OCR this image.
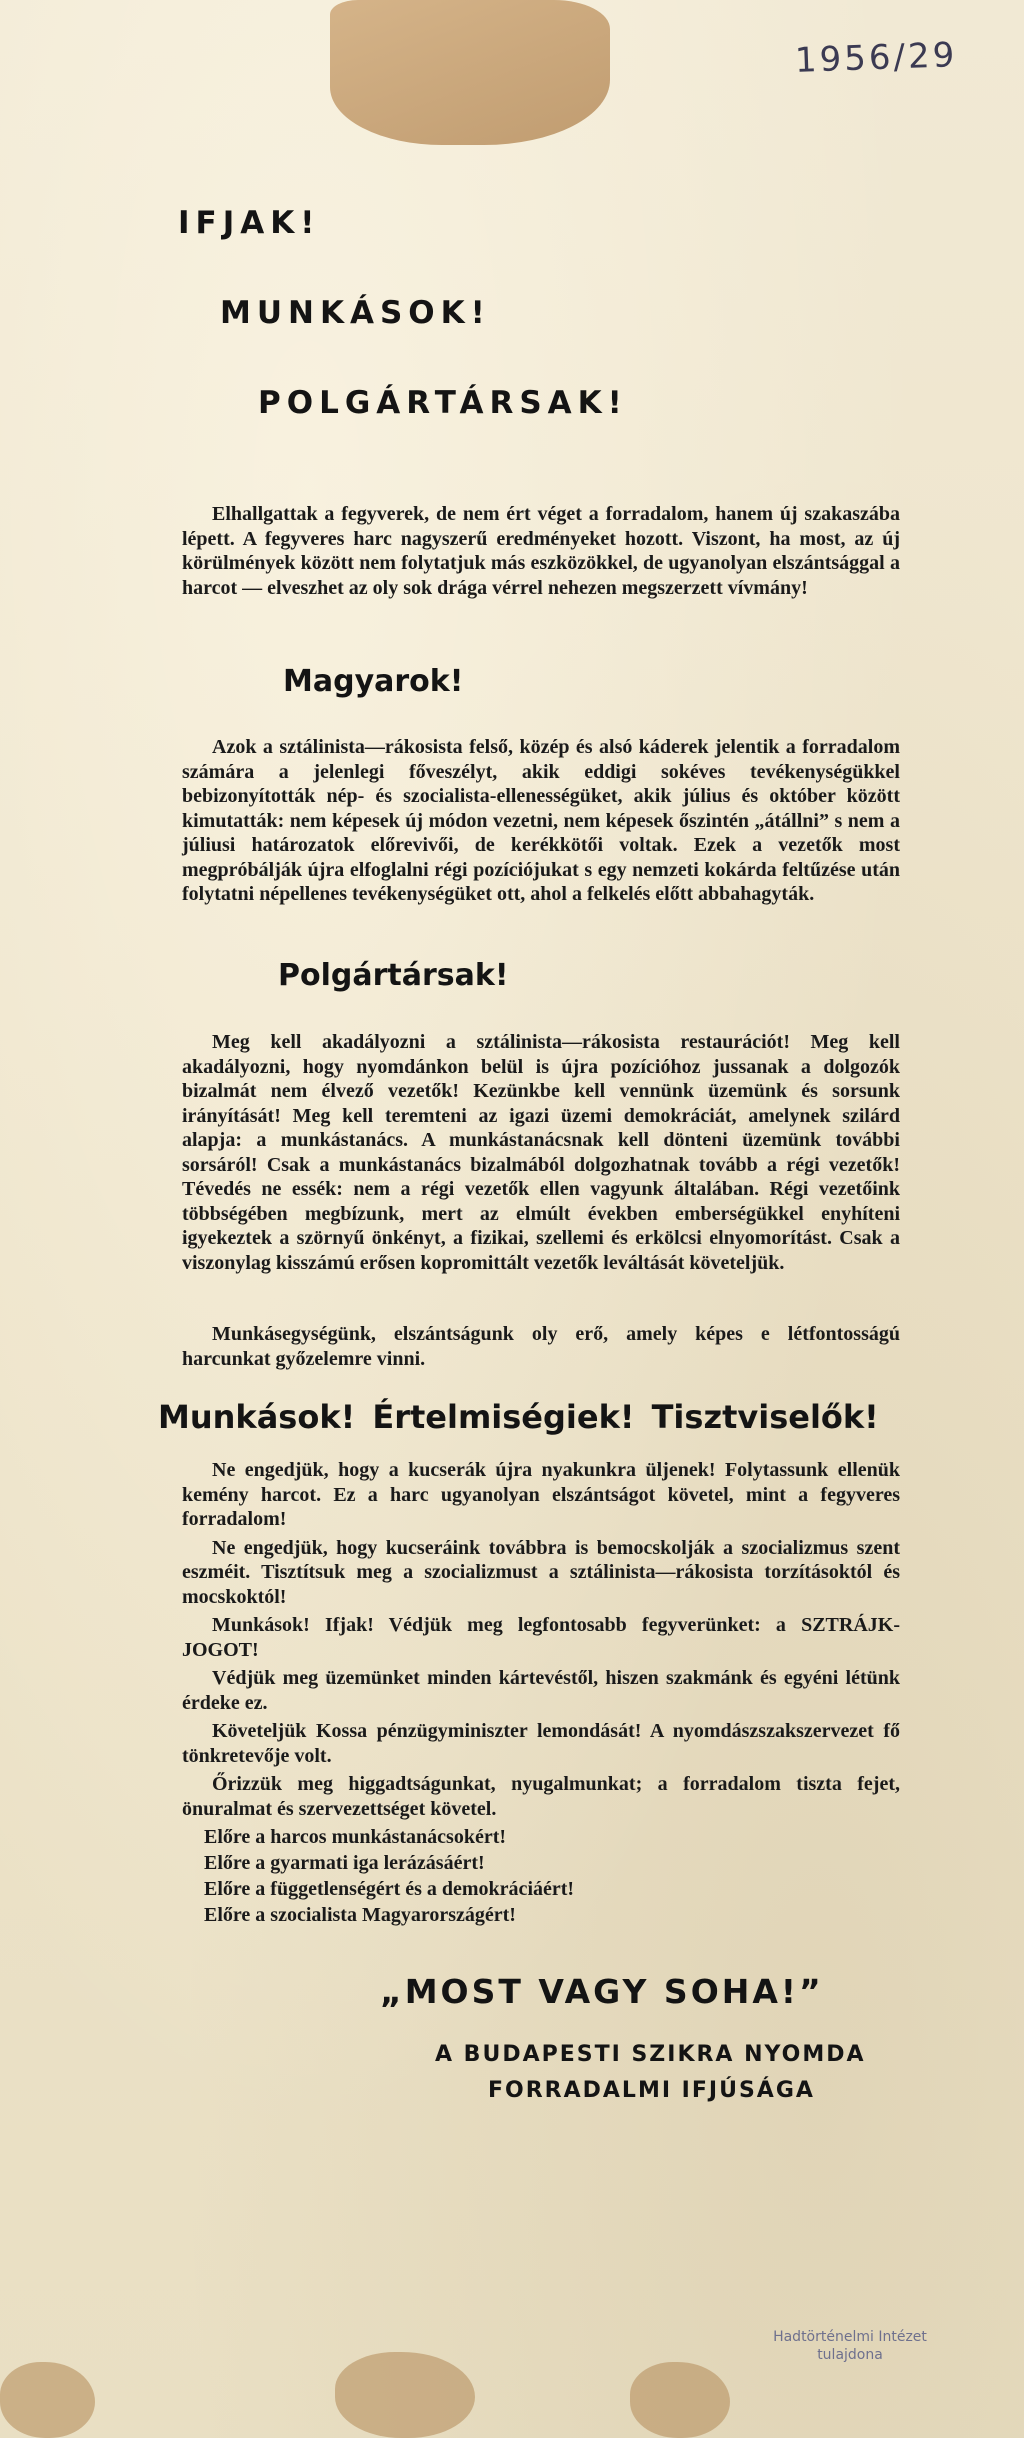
1956/29
IFJAK!
MUNKÁSOK!
POLGÁRTÁRSAK!

Elhallgattak a fegyverek, de nem ért véget a forradalom, hanem új szakaszába lépett. A fegyveres harc nagyszerű eredményeket hozott. Viszont, ha most, az új körülmények között nem folytatjuk más eszközökkel, de ugyanolyan elszántsággal a harcot — elveszhet az oly sok drága vérrel nehezen megszerzett vívmány!

Magyarok!

Azok a sztálinista—rákosista felső, közép és alsó káderek jelentik a forradalom számára a jelenlegi főveszélyt, akik eddigi sokéves tevékenységükkel bebizonyították nép- és szocialista-ellenességüket, akik július és október között kimutatták: nem képesek új módon vezetni, nem képesek őszintén „átállni” s nem a júliusi határozatok előrevivői, de kerékkötői voltak. Ezek a vezetők most megpróbálják újra elfoglalni régi pozíciójukat s egy nemzeti kokárda feltűzése után folytatni népellenes tevékenységüket ott, ahol a felkelés előtt abbahagyták.

Polgártársak!

Meg kell akadályozni a sztálinista—rákosista restaurációt! Meg kell akadályozni, hogy nyomdánkon belül is újra pozícióhoz jussanak a dolgozók bizalmát nem élvező vezetők! Kezünkbe kell vennünk üzemünk és sorsunk irányítását! Meg kell teremteni az igazi üzemi demokráciát, amelynek szilárd alapja: a munkástanács. A munkástanácsnak kell dönteni üzemünk további sorsáról! Csak a munkástanács bizalmából dolgozhatnak tovább a régi vezetők! Tévedés ne essék: nem a régi vezetők ellen vagyunk általában. Régi vezetőink többségében megbízunk, mert az elmúlt években emberségükkel enyhíteni igyekeztek a szörnyű önkényt, a fizikai, szellemi és erkölcsi elnyomorítást. Csak a viszonylag kisszámú erősen kopromittált vezetők leváltását követeljük.

Munkásegységünk, elszántságunk oly erő, amely képes e létfontosságú harcunkat győzelemre vinni.

Munkások! Értelmiségiek! Tisztviselők!

Ne engedjük, hogy a kucserák újra nyakunkra üljenek! Folytassunk ellenük kemény harcot. Ez a harc ugyanolyan elszántságot követel, mint a fegyveres forradalom!

Ne engedjük, hogy kucseráink továbbra is bemocskolják a szocializmus szent eszméit. Tisztítsuk meg a szocializmust a sztálinista—rákosista torzításoktól és mocskoktól!

Munkások! Ifjak! Védjük meg legfontosabb fegyverünket: a SZTRÁJK-JOGOT!

Védjük meg üzemünket minden kártevéstől, hiszen szakmánk és egyéni létünk érdeke ez.

Követeljük Kossa pénzügyminiszter lemondását! A nyomdászszakszervezet fő tönkretevője volt.

Őrizzük meg higgadtságunkat, nyugalmunkat; a forradalom tiszta fejet, önuralmat és szervezettséget követel.

Előre a harcos munkástanácsokért!

Előre a gyarmati iga lerázásáért!

Előre a függetlenségért és a demokráciáért!

Előre a szocialista Magyarországért!

„MOST VAGY SOHA!”

A BUDAPESTI SZIKRA NYOMDA

FORRADALMI IFJÚSÁGA

Hadtörténelmi Intézet
tulajdona
